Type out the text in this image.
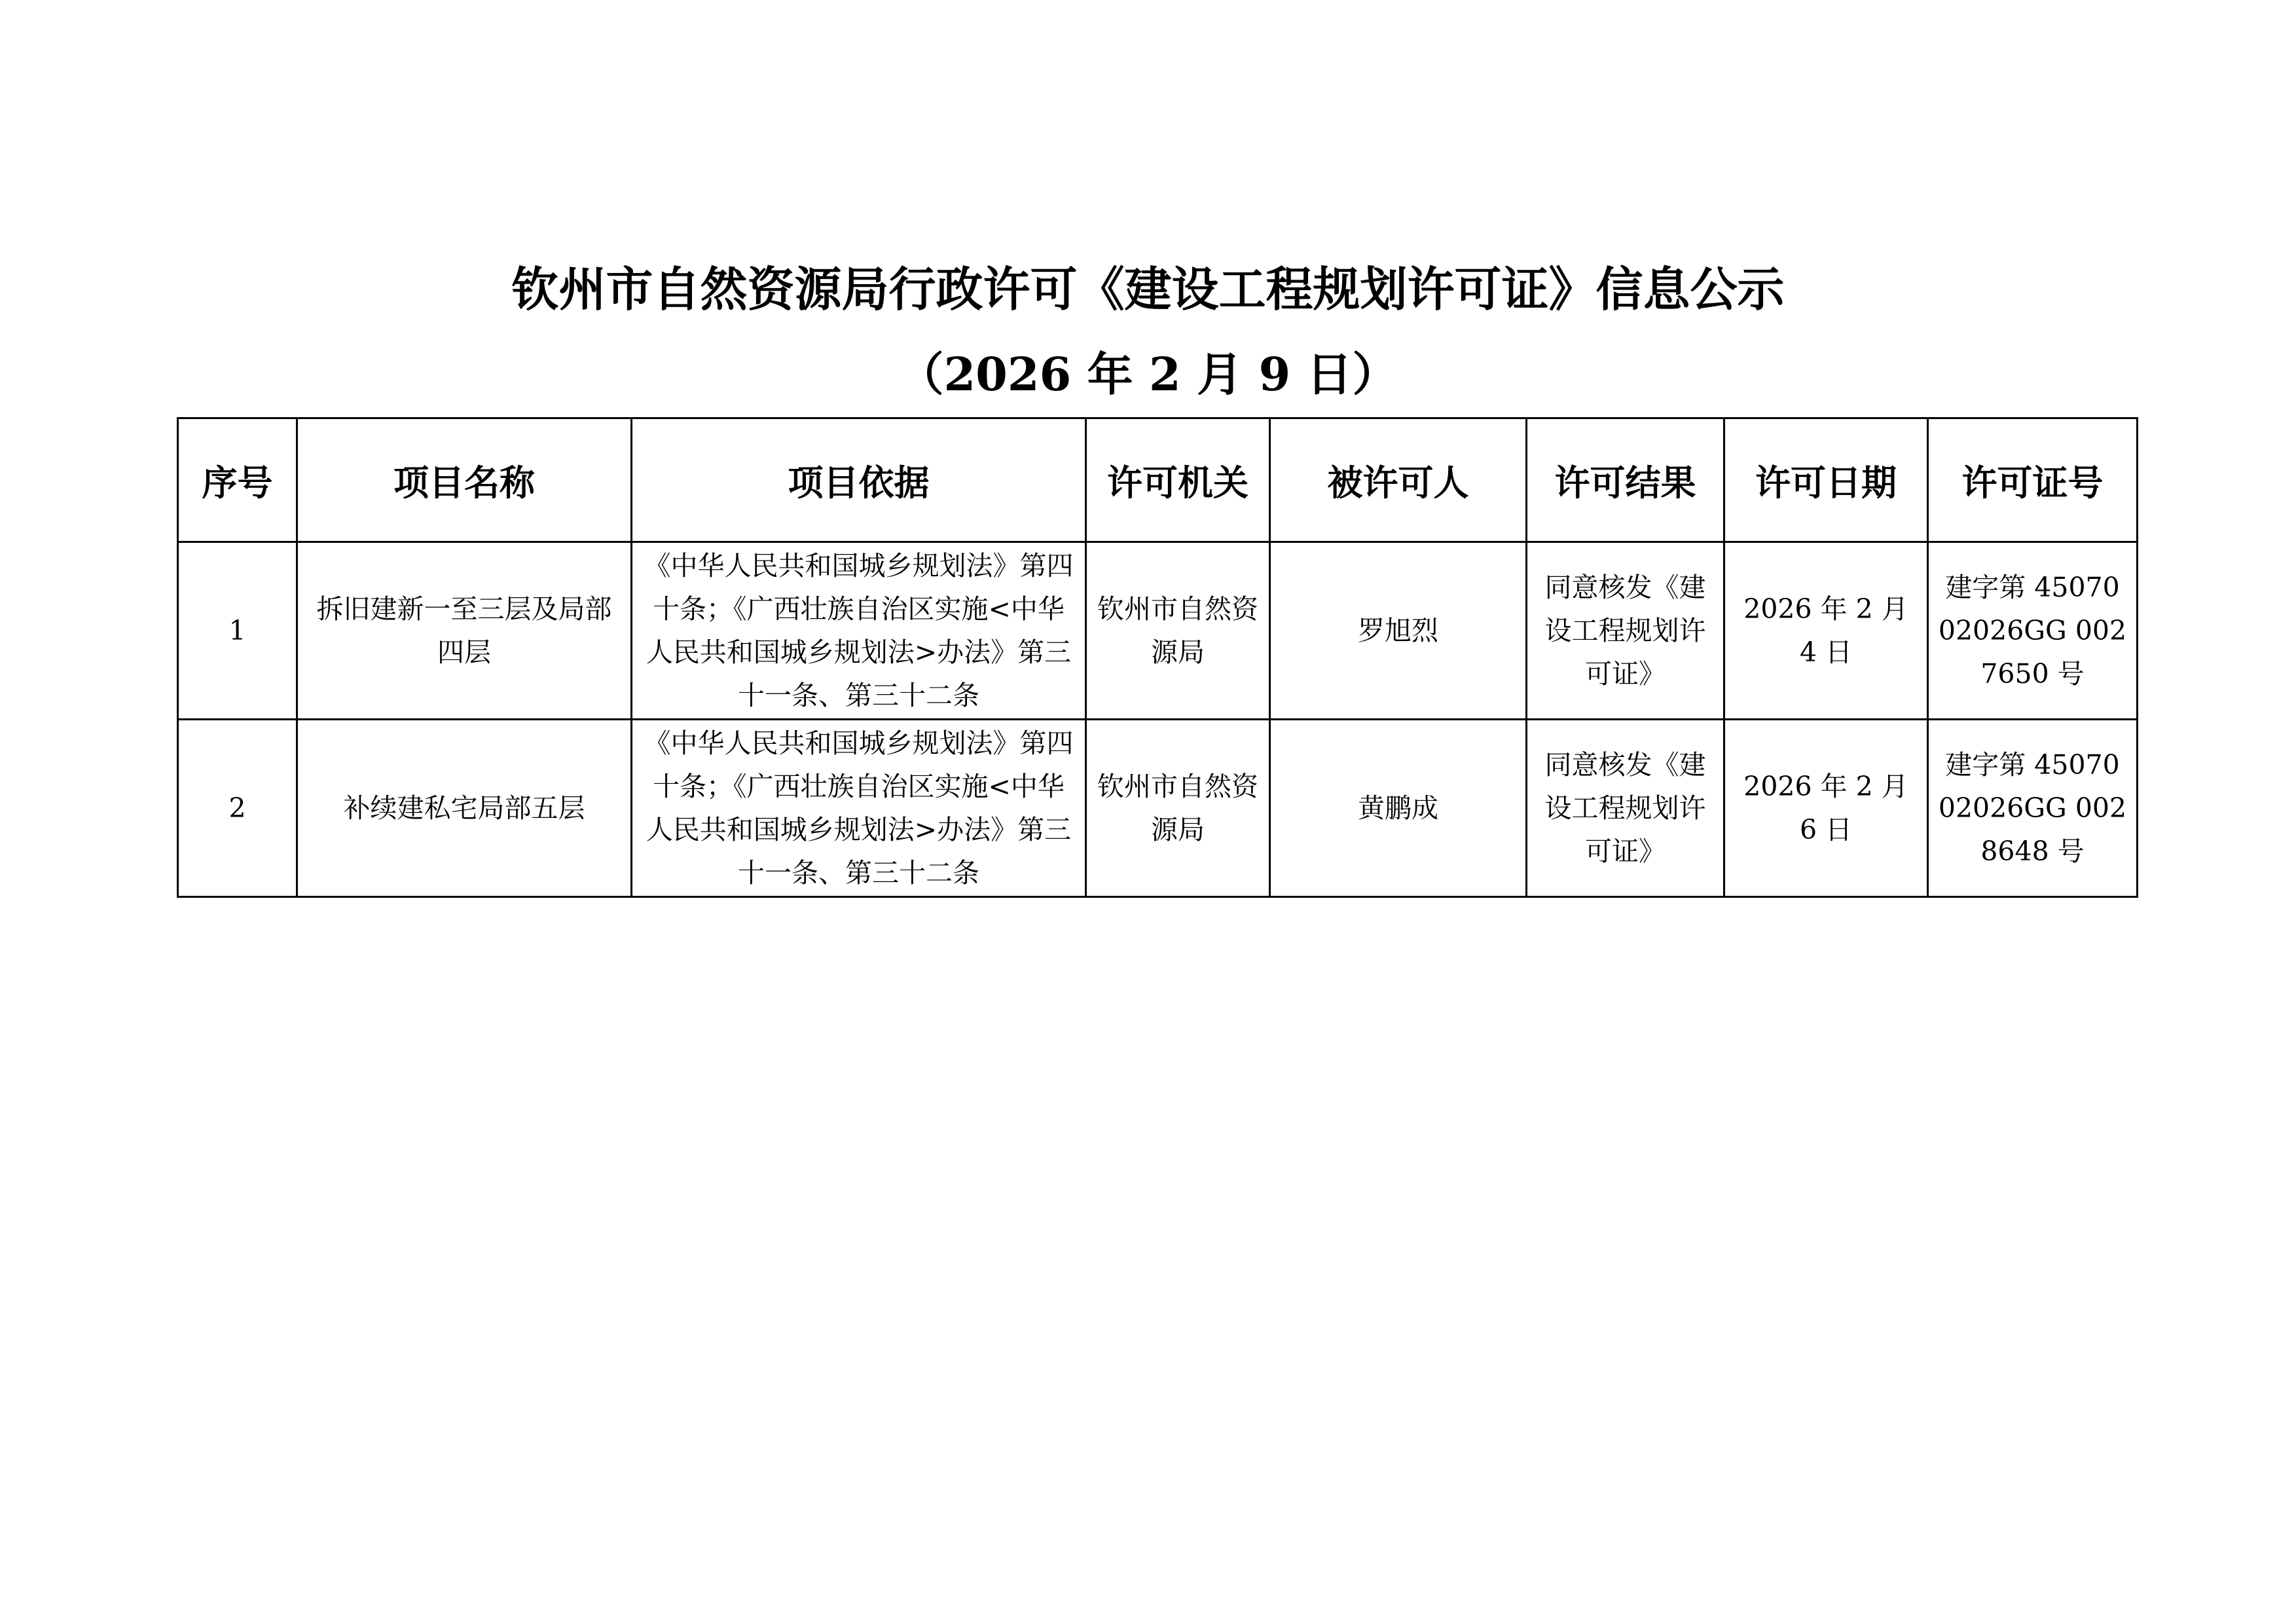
钦州市自然资源局行政许可《建设工程规划许可证》信息公示
（2026 年 2 月 9 日）
序号	项目名称	项目依据	许可机关	被许可人	许可结果	许可日期	许可证号
1	拆旧建新一至三层及局部四层	《中华人民共和国城乡规划法》第四十条；《广西壮族自治区实施<中华人民共和国城乡规划法>办法》第三十一条、第三十二条	钦州市自然资源局	罗旭烈	同意核发《建设工程规划许可证》	2026 年 2 月 4 日	建字第 4507002026GG 0027650 号
2	补续建私宅局部五层	《中华人民共和国城乡规划法》第四十条；《广西壮族自治区实施<中华人民共和国城乡规划法>办法》第三十一条、第三十二条	钦州市自然资源局	黄鹏成	同意核发《建设工程规划许可证》	2026 年 2 月 6 日	建字第 4507002026GG 0028648 号
